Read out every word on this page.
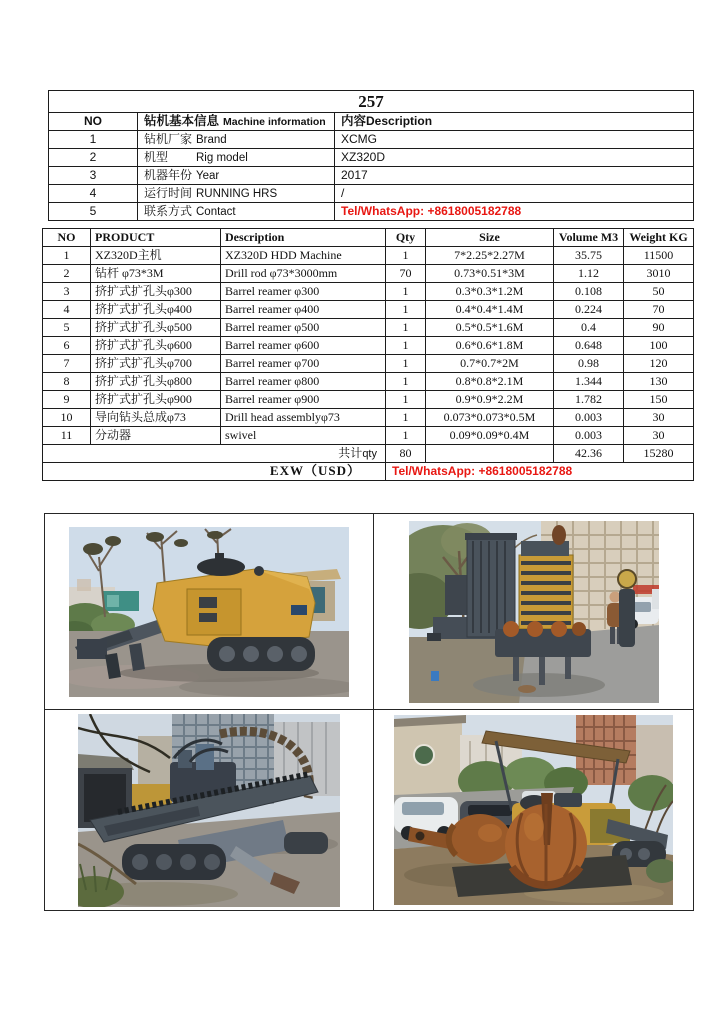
257		
NO	钻机基本信息 Machine information	内容Description
1	钻机厂家 Brand	XCMG
2	机型 Rig model	XZ320D
3	机器年份 Year	2017
4	运行时间 RUNNING HRS	/
5	联系方式 Contact	Tel/WhatsApp: +8618005182788
NO	PRODUCT	Description	Qty	Size	Volume M3	Weight KG
1	XZ320D主机	XZ320D HDD Machine	1	7*2.25*2.27M	35.75	11500
2	钻杆 φ73*3M	Drill rod φ73*3000mm	70	0.73*0.51*3M	1.12	3010
3	挤扩式扩孔头φ300	Barrel reamer φ300	1	0.3*0.3*1.2M	0.108	50
4	挤扩式扩孔头φ400	Barrel reamer φ400	1	0.4*0.4*1.4M	0.224	70
5	挤扩式扩孔头φ500	Barrel reamer φ500	1	0.5*0.5*1.6M	0.4	90
6	挤扩式扩孔头φ600	Barrel reamer φ600	1	0.6*0.6*1.8M	0.648	100
7	挤扩式扩孔头φ700	Barrel reamer φ700	1	0.7*0.7*2M	0.98	120
8	挤扩式扩孔头φ800	Barrel reamer φ800	1	0.8*0.8*2.1M	1.344	130
9	挤扩式扩孔头φ900	Barrel reamer φ900	1	0.9*0.9*2.2M	1.782	150
10	导向钻头总成φ73	Drill head assemblyφ73	1	0.073*0.073*0.5M	0.003	30
11	分动器	swivel	1	0.09*0.09*0.4M	0.003	30
共计qty			80		42.36	15280
EXW（USD）			Tel/WhatsApp: +8618005182788			
